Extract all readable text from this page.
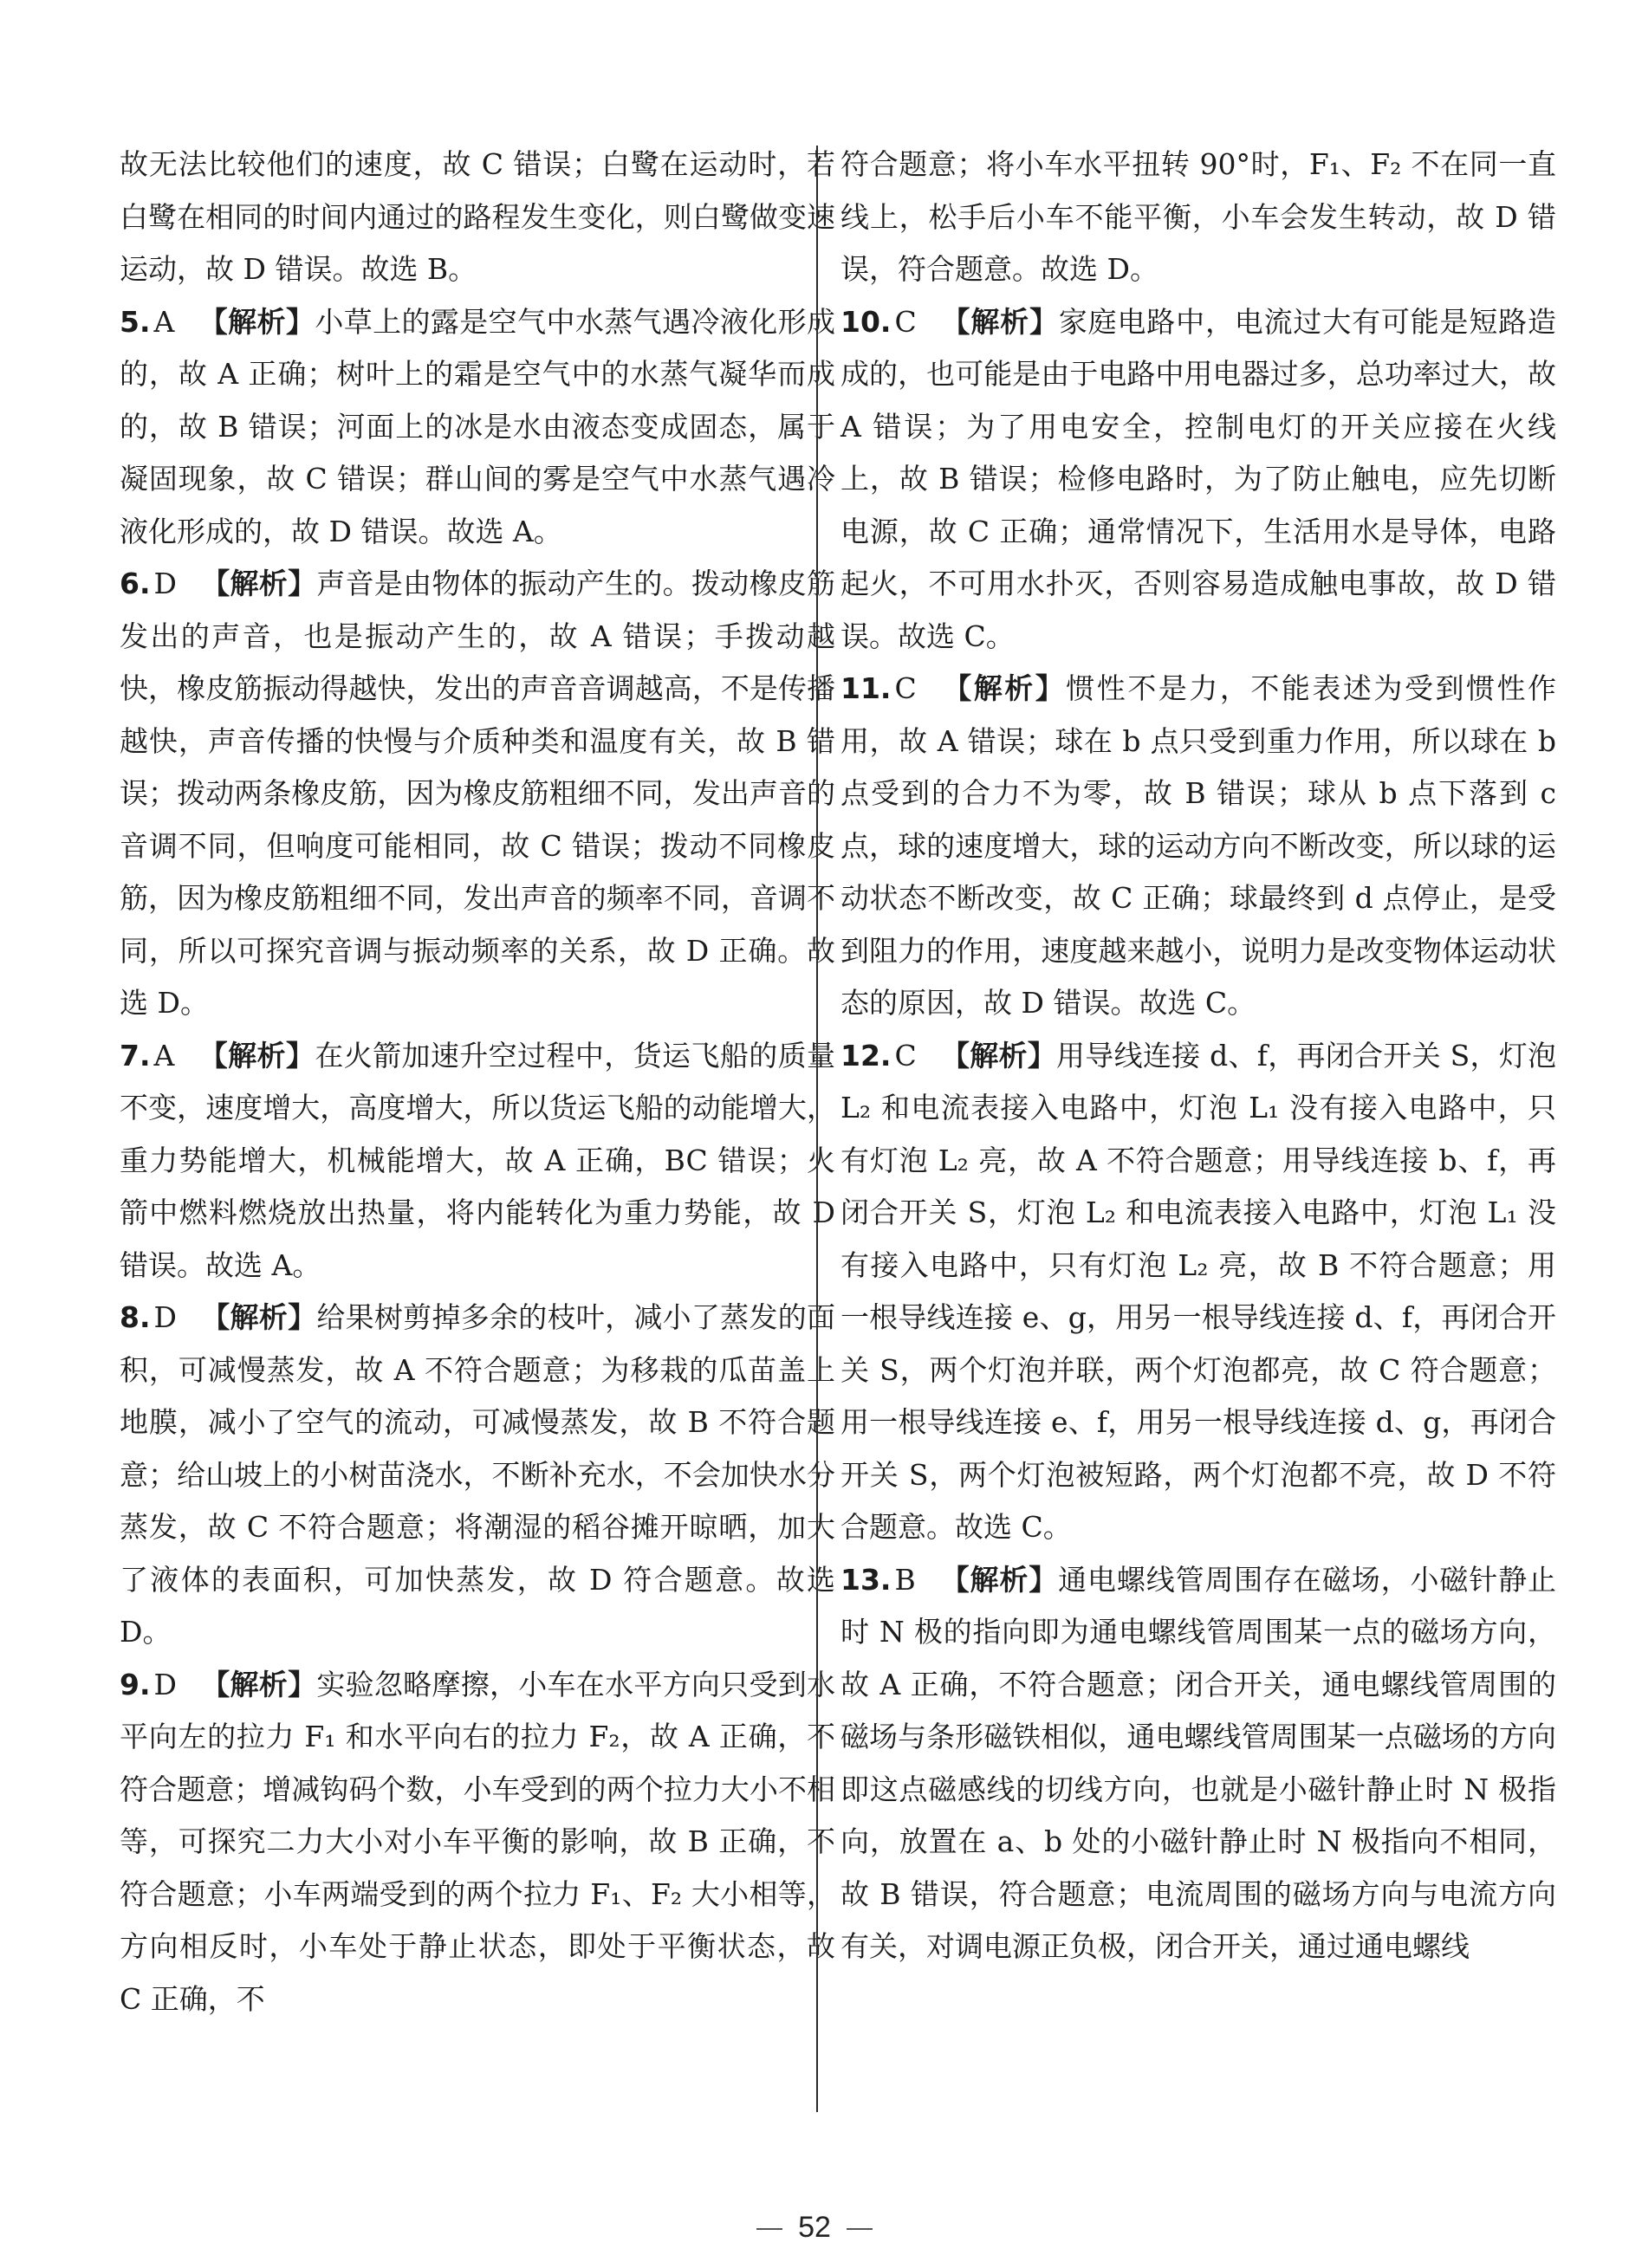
故无法比较他们的速度，故 C 错误；白鹭在运动时，若白鹭在相同的时间内通过的路程发生变化，则白鹭做变速运动，故 D 错误。故选 B。

5. A 【解析】小草上的露是空气中水蒸气遇冷液化形成的，故 A 正确；树叶上的霜是空气中的水蒸气凝华而成的，故 B 错误；河面上的冰是水由液态变成固态，属于凝固现象，故 C 错误；群山间的雾是空气中水蒸气遇冷液化形成的，故 D 错误。故选 A。

6. D 【解析】声音是由物体的振动产生的。拨动橡皮筋发出的声音，也是振动产生的，故 A 错误；手拨动越快，橡皮筋振动得越快，发出的声音音调越高，不是传播越快，声音传播的快慢与介质种类和温度有关，故 B 错误；拨动两条橡皮筋，因为橡皮筋粗细不同，发出声音的音调不同，但响度可能相同，故 C 错误；拨动不同橡皮筋，因为橡皮筋粗细不同，发出声音的频率不同，音调不同，所以可探究音调与振动频率的关系，故 D 正确。故选 D。

7. A 【解析】在火箭加速升空过程中，货运飞船的质量不变，速度增大，高度增大，所以货运飞船的动能增大，重力势能增大，机械能增大，故 A 正确，BC 错误；火箭中燃料燃烧放出热量，将内能转化为重力势能，故 D 错误。故选 A。

8. D 【解析】给果树剪掉多余的枝叶，减小了蒸发的面积，可减慢蒸发，故 A 不符合题意；为移栽的瓜苗盖上地膜，减小了空气的流动，可减慢蒸发，故 B 不符合题意；给山坡上的小树苗浇水，不断补充水，不会加快水分蒸发，故 C 不符合题意；将潮湿的稻谷摊开晾晒，加大了液体的表面积，可加快蒸发，故 D 符合题意。故选 D。

9. D 【解析】实验忽略摩擦，小车在水平方向只受到水平向左的拉力 F₁ 和水平向右的拉力 F₂，故 A 正确，不符合题意；增减钩码个数，小车受到的两个拉力大小不相等，可探究二力大小对小车平衡的影响，故 B 正确，不符合题意；小车两端受到的两个拉力 F₁、F₂ 大小相等，方向相反时，小车处于静止状态，即处于平衡状态，故 C 正确，不

符合题意；将小车水平扭转 90°时，F₁、F₂ 不在同一直线上，松手后小车不能平衡，小车会发生转动，故 D 错误，符合题意。故选 D。

10. C 【解析】家庭电路中，电流过大有可能是短路造成的，也可能是由于电路中用电器过多，总功率过大，故 A 错误；为了用电安全，控制电灯的开关应接在火线上，故 B 错误；检修电路时，为了防止触电，应先切断电源，故 C 正确；通常情况下，生活用水是导体，电路起火，不可用水扑灭，否则容易造成触电事故，故 D 错误。故选 C。

11. C 【解析】惯性不是力，不能表述为受到惯性作用，故 A 错误；球在 b 点只受到重力作用，所以球在 b 点受到的合力不为零，故 B 错误；球从 b 点下落到 c 点，球的速度增大，球的运动方向不断改变，所以球的运动状态不断改变，故 C 正确；球最终到 d 点停止，是受到阻力的作用，速度越来越小，说明力是改变物体运动状态的原因，故 D 错误。故选 C。

12. C 【解析】用导线连接 d、f，再闭合开关 S，灯泡 L₂ 和电流表接入电路中，灯泡 L₁ 没有接入电路中，只有灯泡 L₂ 亮，故 A 不符合题意；用导线连接 b、f，再闭合开关 S，灯泡 L₂ 和电流表接入电路中，灯泡 L₁ 没有接入电路中，只有灯泡 L₂ 亮，故 B 不符合题意；用一根导线连接 e、g，用另一根导线连接 d、f，再闭合开关 S，两个灯泡并联，两个灯泡都亮，故 C 符合题意；用一根导线连接 e、f，用另一根导线连接 d、g，再闭合开关 S，两个灯泡被短路，两个灯泡都不亮，故 D 不符合题意。故选 C。

13. B 【解析】通电螺线管周围存在磁场，小磁针静止时 N 极的指向即为通电螺线管周围某一点的磁场方向，故 A 正确，不符合题意；闭合开关，通电螺线管周围的磁场与条形磁铁相似，通电螺线管周围某一点磁场的方向即这点磁感线的切线方向，也就是小磁针静止时 N 极指向，放置在 a、b 处的小磁针静止时 N 极指向不相同，故 B 错误，符合题意；电流周围的磁场方向与电流方向有关，对调电源正负极，闭合开关，通过通电螺线

52
